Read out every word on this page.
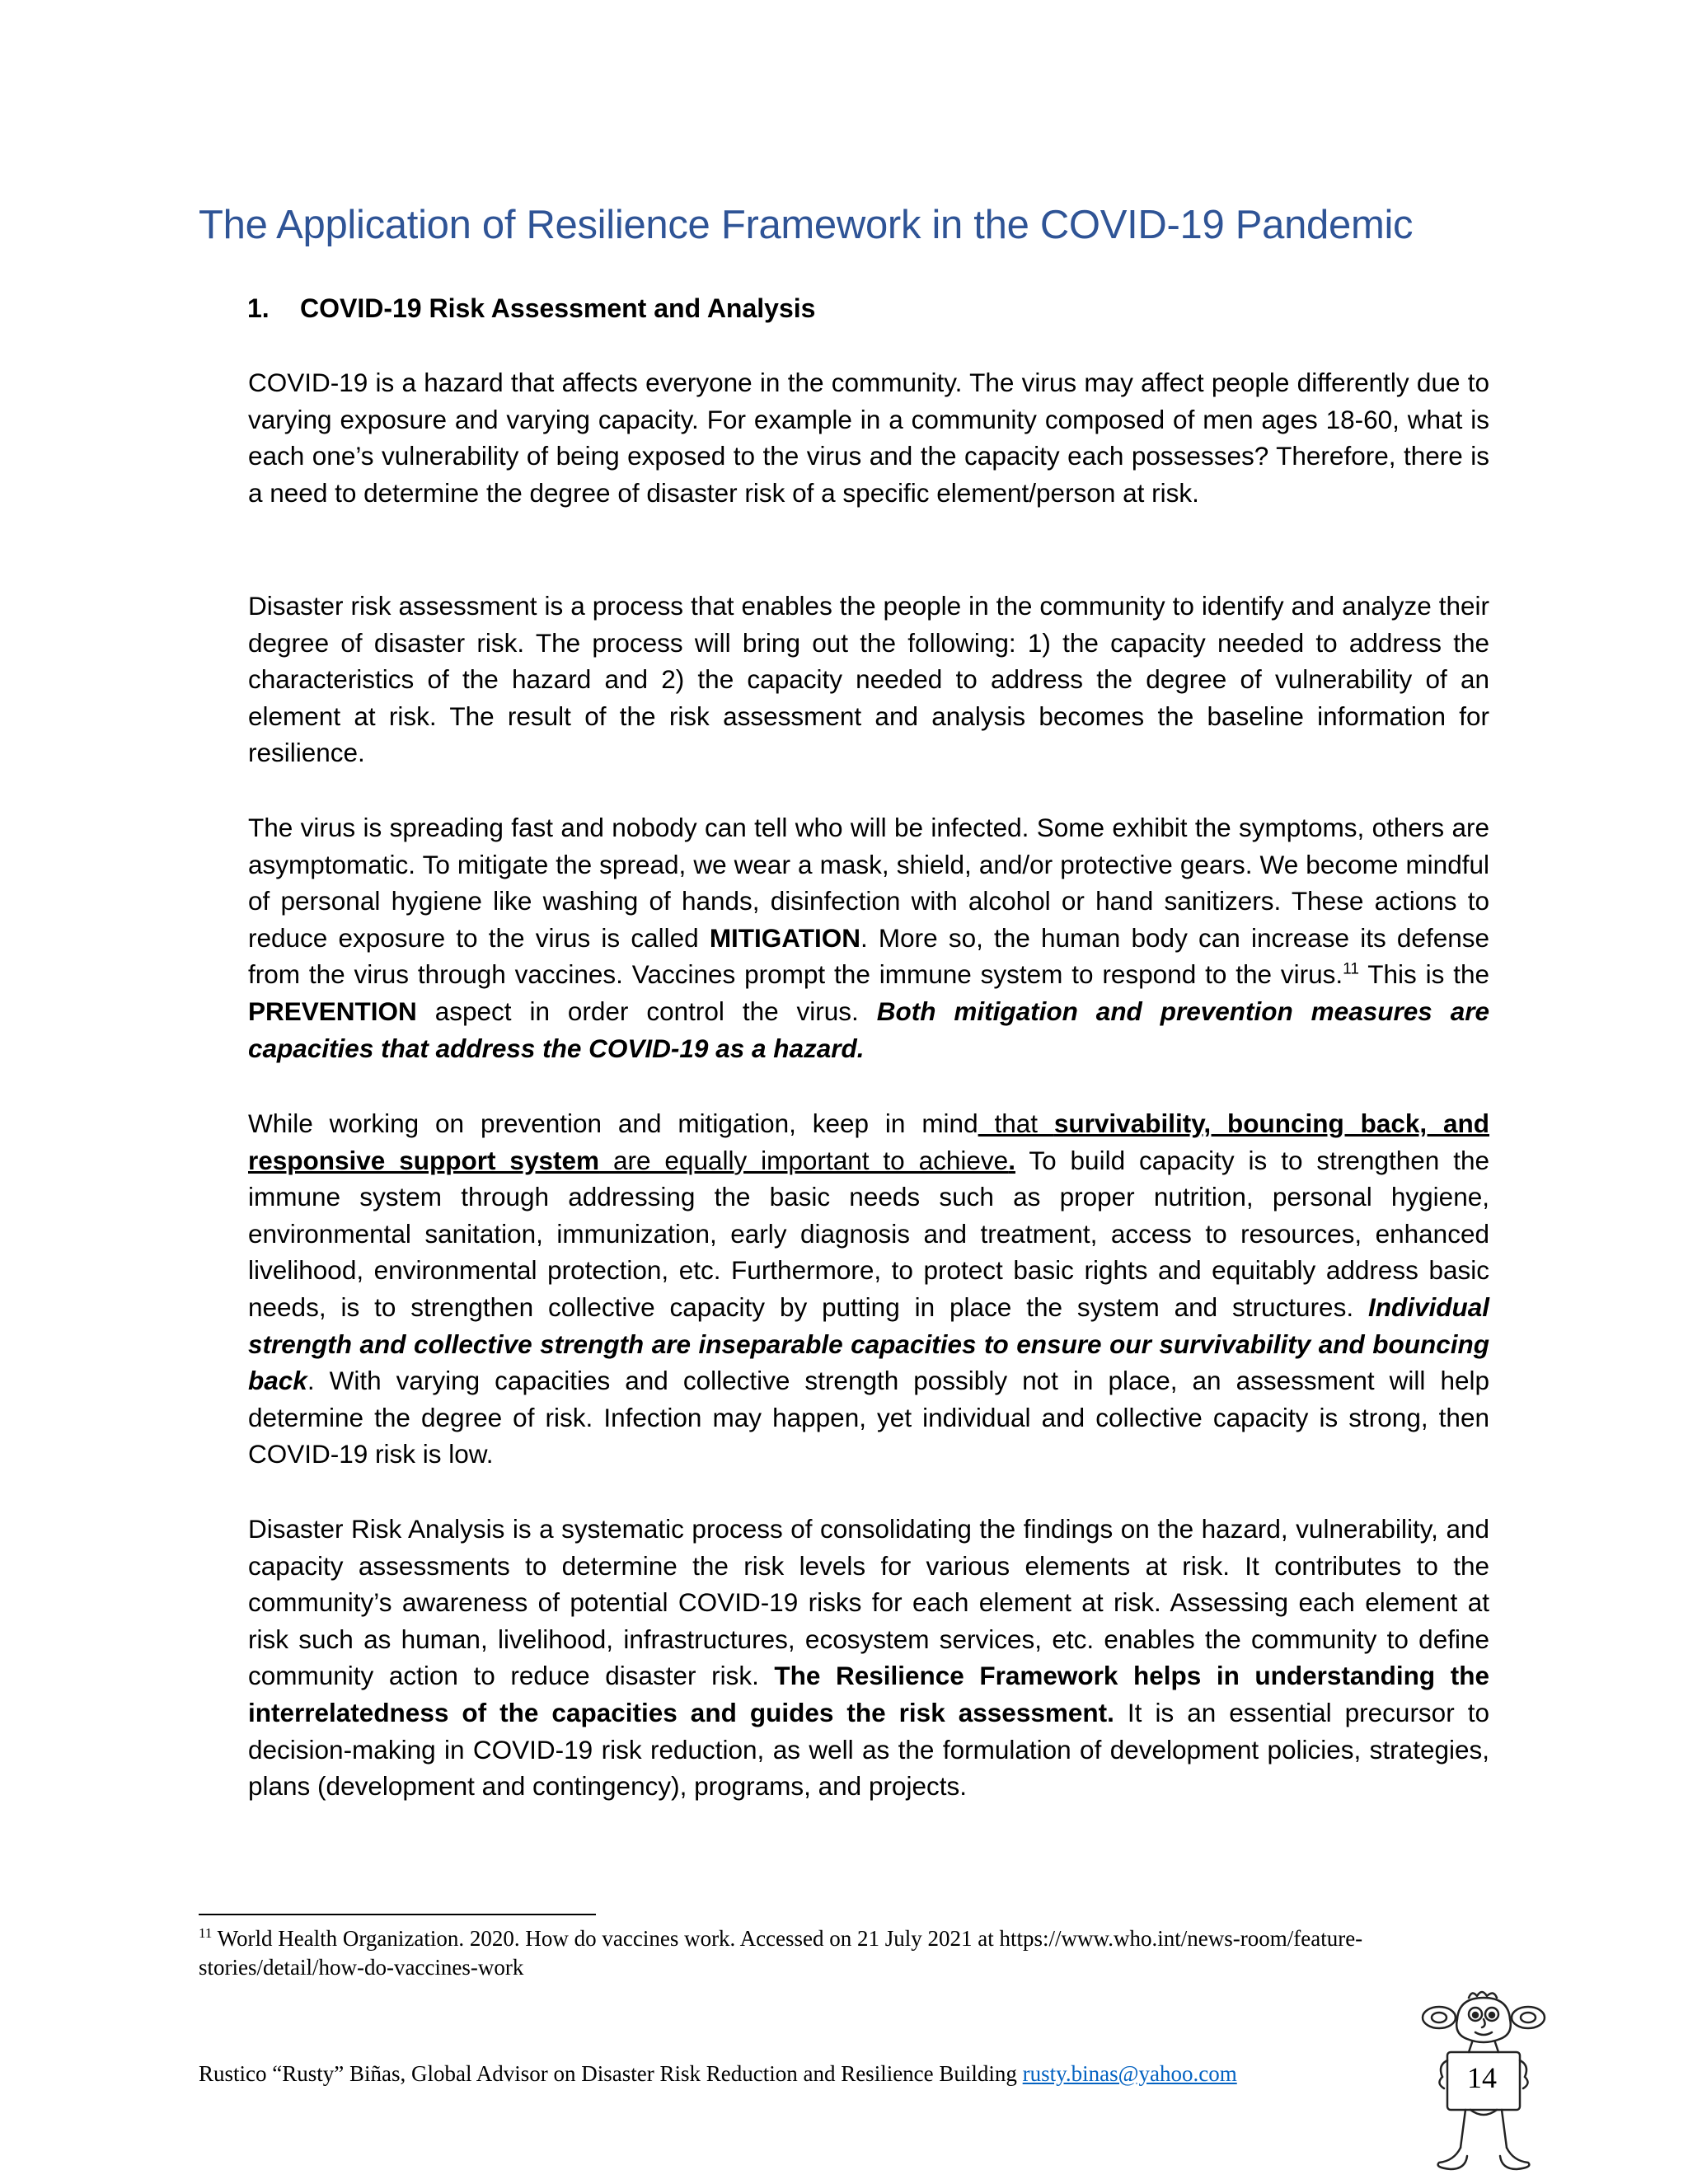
The Application of Resilience Framework in the COVID-19 Pandemic
1. COVID-19 Risk Assessment and Analysis

COVID-19 is a hazard that affects everyone in the community. The virus may affect people differently due to varying exposure and varying capacity. For example in a community composed of men ages 18-60, what is each one’s vulnerability of being exposed to the virus and the capacity each possesses? Therefore, there is a need to determine the degree of disaster risk of a specific element/person at risk.

Disaster risk assessment is a process that enables the people in the community to identify and analyze their degree of disaster risk. The process will bring out the following: 1) the capacity needed to address the characteristics of the hazard and 2) the capacity needed to address the degree of vulnerability of an element at risk. The result of the risk assessment and analysis becomes the baseline information for resilience.

The virus is spreading fast and nobody can tell who will be infected. Some exhibit the symptoms, others are asymptomatic. To mitigate the spread, we wear a mask, shield, and/or protective gears. We become mindful of personal hygiene like washing of hands, disinfection with alcohol or hand sanitizers. These actions to reduce exposure to the virus is called MITIGATION. More so, the human body can increase its defense from the virus through vaccines. Vaccines prompt the immune system to respond to the virus.$^{11}$ This is the PREVENTION aspect in order control the virus. Both mitigation and prevention measures are capacities that address the COVID-19 as a hazard.

While working on prevention and mitigation, keep in mind that survivability, bouncing back, and responsive support system are equally important to achieve. To build capacity is to strengthen the immune system through addressing the basic needs such as proper nutrition, personal hygiene, environmental sanitation, immunization, early diagnosis and treatment, access to resources, enhanced livelihood, environmental protection, etc. Furthermore, to protect basic rights and equitably address basic needs, is to strengthen collective capacity by putting in place the system and structures. Individual strength and collective strength are inseparable capacities to ensure our survivability and bouncing back. With varying capacities and collective strength possibly not in place, an assessment will help determine the degree of risk. Infection may happen, yet individual and collective capacity is strong, then COVID-19 risk is low.

Disaster Risk Analysis is a systematic process of consolidating the findings on the hazard, vulnerability, and capacity assessments to determine the risk levels for various elements at risk. It contributes to the community’s awareness of potential COVID-19 risks for each element at risk. Assessing each element at risk such as human, livelihood, infrastructures, ecosystem services, etc. enables the community to define community action to reduce disaster risk. The Resilience Framework helps in understanding the interrelatedness of the capacities and guides the risk assessment. It is an essential precursor to decision-making in COVID-19 risk reduction, as well as the formulation of development policies, strategies, plans (development and contingency), programs, and projects.

$^{11}$ World Health Organization. 2020. How do vaccines work. Accessed on 21 July 2021 at https://www.who.int/news-room/feature-stories/detail/how-do-vaccines-work

Rustico “Rusty” Biñas, Global Advisor on Disaster Risk Reduction and Resilience Building rusty.binas@yahoo.com	14
